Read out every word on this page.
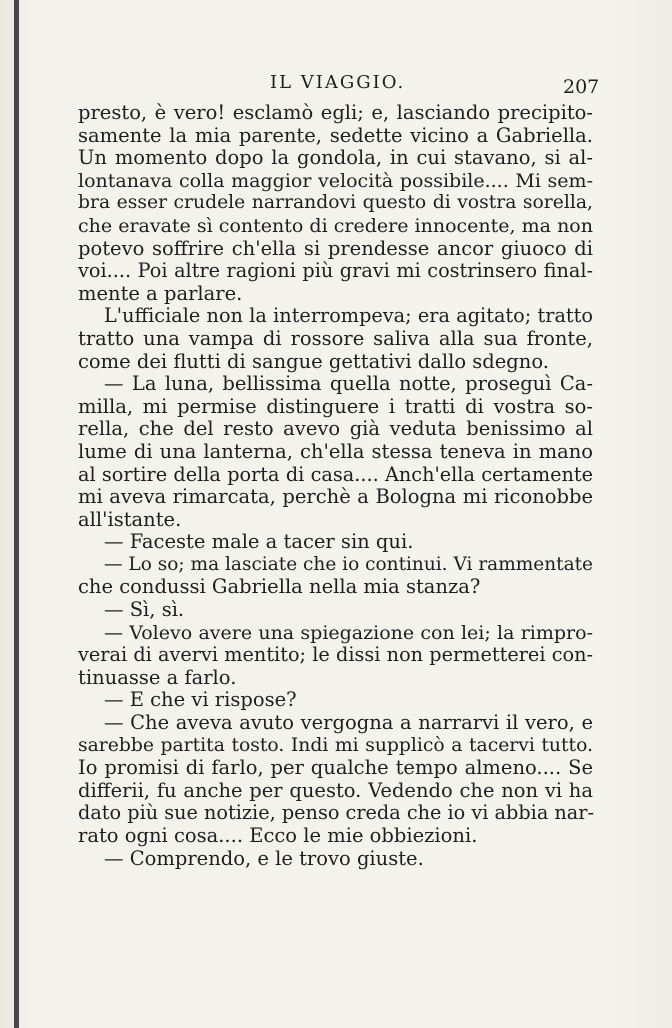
IL VIAGGIO.	207
presto, è vero! esclamò egli; e, lasciando precipito-
samente la mia parente, sedette vicino a Gabriella.
Un momento dopo la gondola, in cui stavano, si al-
lontanava colla maggior velocità possibile.... Mi sem-
bra esser crudele narrandovi questo di vostra sorella,
che eravate sì contento di credere innocente, ma non
potevo soffrire ch'ella si prendesse ancor giuoco di
voi.... Poi altre ragioni più gravi mi costrinsero final-
mente a parlare.
L'ufficiale non la interrompeva; era agitato; tratto
tratto una vampa di rossore saliva alla sua fronte,
come dei flutti di sangue gettativi dallo sdegno.
— La luna, bellissima quella notte, proseguì Ca-
milla, mi permise distinguere i tratti di vostra so-
rella, che del resto avevo già veduta benissimo al
lume di una lanterna, ch'ella stessa teneva in mano
al sortire della porta di casa.... Anch'ella certamente
mi aveva rimarcata, perchè a Bologna mi riconobbe
all'istante.
— Faceste male a tacer sin qui.
— Lo so; ma lasciate che io continui. Vi rammentate
che condussi Gabriella nella mia stanza?
— Sì, sì.
— Volevo avere una spiegazione con lei; la rimpro-
verai di avervi mentito; le dissi non permetterei con-
tinuasse a farlo.
— E che vi rispose?
— Che aveva avuto vergogna a narrarvi il vero, e
sarebbe partita tosto. Indi mi supplicò a tacervi tutto.
Io promisi di farlo, per qualche tempo almeno.... Se
differii, fu anche per questo. Vedendo che non vi ha
dato più sue notizie, penso creda che io vi abbia nar-
rato ogni cosa.... Ecco le mie obbiezioni.
— Comprendo, e le trovo giuste.
